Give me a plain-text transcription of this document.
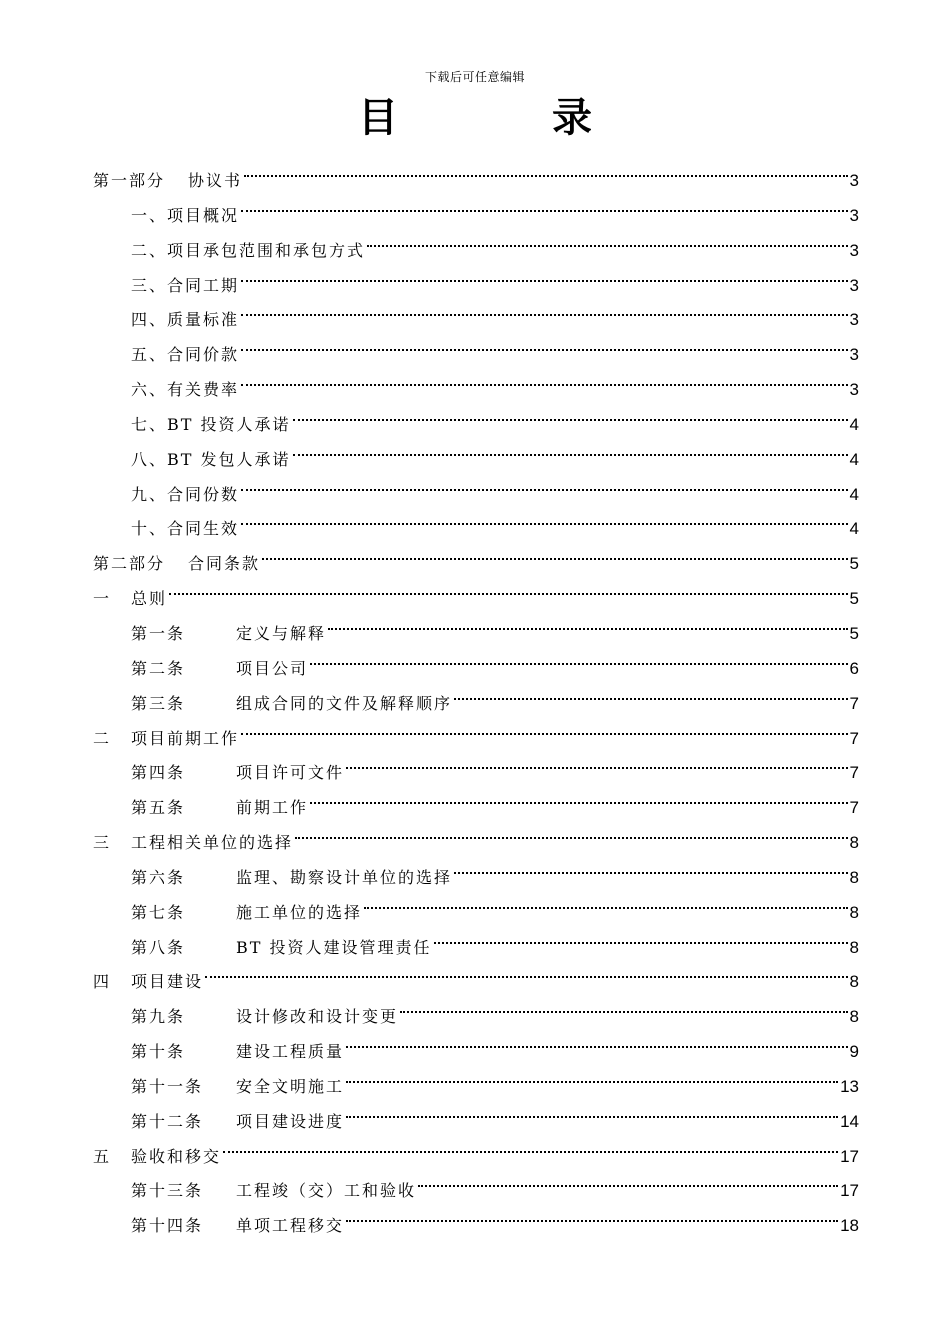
下载后可任意编辑
目 录
第一部分	协议书	3
一、项目概况	3
二、项目承包范围和承包方式	3
三、合同工期	3
四、质量标准	3
五、合同价款	3
六、有关费率	3
七、BT 投资人承诺	4
八、BT 发包人承诺	4
九、合同份数	4
十、合同生效	4
第二部分	合同条款	5
一	总则	5
第一条	定义与解释	5
第二条	项目公司	6
第三条	组成合同的文件及解释顺序	7
二	项目前期工作	7
第四条	项目许可文件	7
第五条	前期工作	7
三	工程相关单位的选择	8
第六条	监理、勘察设计单位的选择	8
第七条	施工单位的选择	8
第八条	BT 投资人建设管理责任	8
四	项目建设	8
第九条	设计修改和设计变更	8
第十条	建设工程质量	9
第十一条	安全文明施工	13
第十二条	项目建设进度	14
五	验收和移交	17
第十三条	工程竣（交）工和验收	17
第十四条	单项工程移交	18
